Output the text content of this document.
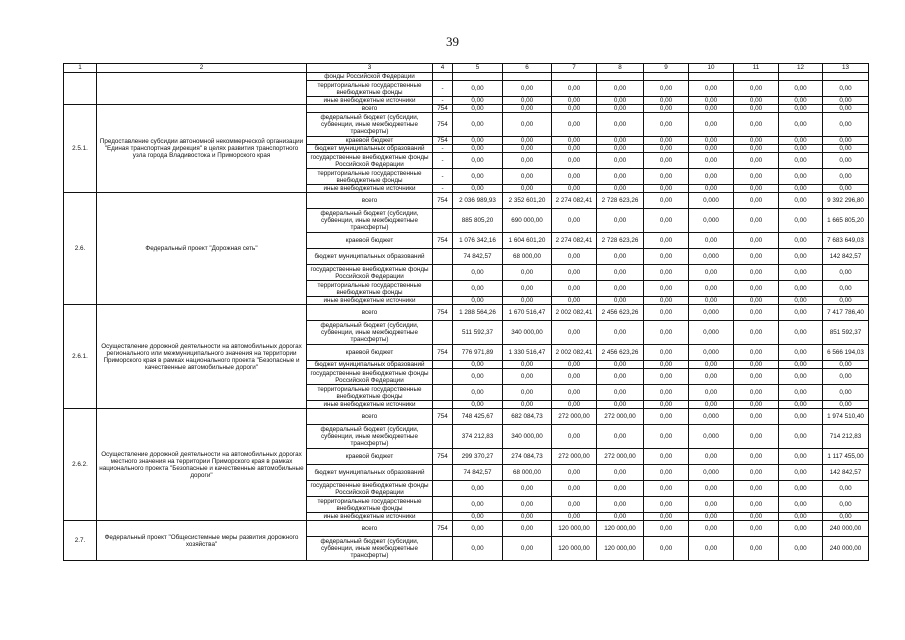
39
1	2	3	4	5	6	7	8	9	10	11	12	13
		фонды Российской Федерации										
		территориальные государственные внебюджетные фонды	-	0,00	0,00	0,00	0,00	0,00	0,00	0,00	0,00	0,00
		иные внебюджетные источники	-	0,00	0,00	0,00	0,00	0,00	0,00	0,00	0,00	0,00
2.5.1.	Предоставление субсидии автономной некоммерческой организации "Единая транспортная дирекция" в целях развития транспортного узла города Владивостока и Приморского края	всего	754	0,00	0,00	0,00	0,00	0,00	0,00	0,00	0,00	0,00
		федеральный бюджет (субсидии, субвенции, иные межбюджетные трансферты)	754	0,00	0,00	0,00	0,00	0,00	0,00	0,00	0,00	0,00
		краевой бюджет	754	0,00	0,00	0,00	0,00	0,00	0,00	0,00	0,00	0,00
		бюджет муниципальных образований	-	0,00	0,00	0,00	0,00	0,00	0,00	0,00	0,00	0,00
		государственные внебюджетные фонды Российской Федерации	-	0,00	0,00	0,00	0,00	0,00	0,00	0,00	0,00	0,00
		территориальные государственные внебюджетные фонды	-	0,00	0,00	0,00	0,00	0,00	0,00	0,00	0,00	0,00
		иные внебюджетные источники	-	0,00	0,00	0,00	0,00	0,00	0,00	0,00	0,00	0,00
2.6.	Федеральный проект "Дорожная сеть"	всего	754	2 036 989,93	2 352 601,20	2 274 082,41	2 728 623,26	0,00	0,000	0,00	0,00	9 392 296,80
		федеральный бюджет (субсидии, субвенции, иные межбюджетные трансферты)		885 805,20	690 000,00	0,00	0,00	0,00	0,000	0,00	0,00	1 665 805,20
		краевой бюджет	754	1 076 342,16	1 604 601,20	2 274 082,41	2 728 623,26	0,00	0,00	0,00	0,00	7 683 649,03
		бюджет муниципальных образований		74 842,57	68 000,00	0,00	0,00	0,00	0,000	0,00	0,00	142 842,57
		государственные внебюджетные фонды Российской Федерации		0,00	0,00	0,00	0,00	0,00	0,00	0,00	0,00	0,00
		территориальные государственные внебюджетные фонды		0,00	0,00	0,00	0,00	0,00	0,00	0,00	0,00	0,00
		иные внебюджетные источники		0,00	0,00	0,00	0,00	0,00	0,00	0,00	0,00	0,00
2.6.1.	Осуществление дорожной деятельности на автомобильных дорогах регионального или межмуниципального значения на территории Приморского края в рамках национального проекта "Безопасные и качественные автомобильные дороги"	всего	754	1 288 564,26	1 670 516,47	2 002 082,41	2 456 623,26	0,00	0,000	0,00	0,00	7 417 786,40
		федеральный бюджет (субсидии, субвенции, иные межбюджетные трансферты)		511 592,37	340 000,00	0,00	0,00	0,00	0,000	0,00	0,00	851 592,37
		краевой бюджет	754	776 971,89	1 330 516,47	2 002 082,41	2 456 623,26	0,00	0,000	0,00	0,00	6 566 194,03
		бюджет муниципальных образований		0,00	0,00	0,00	0,00	0,00	0,00	0,00	0,00	0,00
		государственные внебюджетные фонды Российской Федерации		0,00	0,00	0,00	0,00	0,00	0,00	0,00	0,00	0,00
		территориальные государственные внебюджетные фонды		0,00	0,00	0,00	0,00	0,00	0,00	0,00	0,00	0,00
		иные внебюджетные источники		0,00	0,00	0,00	0,00	0,00	0,00	0,00	0,00	0,00
2.6.2.	Осуществление дорожной деятельности на автомобильных дорогах местного значения на территории Приморского края в рамках национального проекта "Безопасные и качественные автомобильные дороги"	всего	754	748 425,67	682 084,73	272 000,00	272 000,00	0,00	0,000	0,00	0,00	1 974 510,40
		федеральный бюджет (субсидии, субвенции, иные межбюджетные трансферты)		374 212,83	340 000,00	0,00	0,00	0,00	0,000	0,00	0,00	714 212,83
		краевой бюджет	754	299 370,27	274 084,73	272 000,00	272 000,00	0,00	0,00	0,00	0,00	1 117 455,00
		бюджет муниципальных образований		74 842,57	68 000,00	0,00	0,00	0,00	0,000	0,00	0,00	142 842,57
		государственные внебюджетные фонды Российской Федерации		0,00	0,00	0,00	0,00	0,00	0,00	0,00	0,00	0,00
		территориальные государственные внебюджетные фонды		0,00	0,00	0,00	0,00	0,00	0,00	0,00	0,00	0,00
		иные внебюджетные источники		0,00	0,00	0,00	0,00	0,00	0,00	0,00	0,00	0,00
2.7.	Федеральный проект "Общесистемные меры развития дорожного хозяйства"	всего	754	0,00	0,00	120 000,00	120 000,00	0,00	0,00	0,00	0,00	240 000,00
		федеральный бюджет (субсидии, субвенции, иные межбюджетные трансферты)		0,00	0,00	120 000,00	120 000,00	0,00	0,00	0,00	0,00	240 000,00
